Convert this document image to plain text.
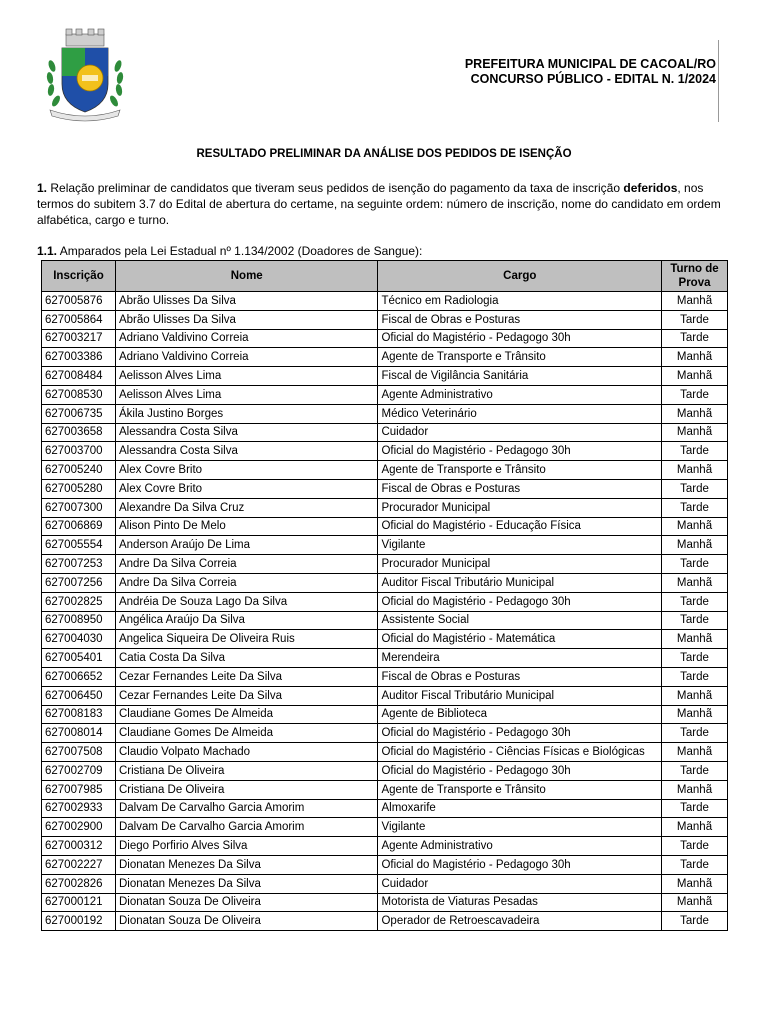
PREFEITURA MUNICIPAL DE CACOAL/RO
CONCURSO PÚBLICO - EDITAL N. 1/2024
RESULTADO PRELIMINAR DA ANÁLISE DOS PEDIDOS DE ISENÇÃO
1. Relação preliminar de candidatos que tiveram seus pedidos de isenção do pagamento da taxa de inscrição deferidos, nos termos do subitem 3.7 do Edital de abertura do certame, na seguinte ordem: número de inscrição, nome do candidato em ordem alfabética, cargo e turno.
1.1. Amparados pela Lei Estadual nº 1.134/2002 (Doadores de Sangue):
Inscrição	Nome	Cargo	Turno de Prova
627005876	Abrão Ulisses Da Silva	Técnico em Radiologia	Manhã
627005864	Abrão Ulisses Da Silva	Fiscal de Obras e Posturas	Tarde
627003217	Adriano Valdivino Correia	Oficial do Magistério - Pedagogo 30h	Tarde
627003386	Adriano Valdivino Correia	Agente de Transporte e Trânsito	Manhã
627008484	Aelisson Alves Lima	Fiscal de Vigilância Sanitária	Manhã
627008530	Aelisson Alves Lima	Agente Administrativo	Tarde
627006735	Ákila Justino Borges	Médico Veterinário	Manhã
627003658	Alessandra Costa Silva	Cuidador	Manhã
627003700	Alessandra Costa Silva	Oficial do Magistério - Pedagogo 30h	Tarde
627005240	Alex Covre Brito	Agente de Transporte e Trânsito	Manhã
627005280	Alex Covre Brito	Fiscal de Obras e Posturas	Tarde
627007300	Alexandre Da Silva Cruz	Procurador Municipal	Tarde
627006869	Alison Pinto De Melo	Oficial do Magistério - Educação Física	Manhã
627005554	Anderson Araújo De Lima	Vigilante	Manhã
627007253	Andre Da Silva Correia	Procurador Municipal	Tarde
627007256	Andre Da Silva Correia	Auditor Fiscal Tributário Municipal	Manhã
627002825	Andréia De Souza Lago Da Silva	Oficial do Magistério - Pedagogo 30h	Tarde
627008950	Angélica Araújo Da Silva	Assistente Social	Tarde
627004030	Angelica Siqueira De Oliveira Ruis	Oficial do Magistério - Matemática	Manhã
627005401	Catia Costa Da Silva	Merendeira	Tarde
627006652	Cezar Fernandes Leite Da Silva	Fiscal de Obras e Posturas	Tarde
627006450	Cezar Fernandes Leite Da Silva	Auditor Fiscal Tributário Municipal	Manhã
627008183	Claudiane Gomes De Almeida	Agente de Biblioteca	Manhã
627008014	Claudiane Gomes De Almeida	Oficial do Magistério - Pedagogo 30h	Tarde
627007508	Claudio Volpato Machado	Oficial do Magistério - Ciências Físicas e Biológicas	Manhã
627002709	Cristiana De Oliveira	Oficial do Magistério - Pedagogo 30h	Tarde
627007985	Cristiana De Oliveira	Agente de Transporte e Trânsito	Manhã
627002933	Dalvam De Carvalho Garcia Amorim	Almoxarife	Tarde
627002900	Dalvam De Carvalho Garcia Amorim	Vigilante	Manhã
627000312	Diego Porfirio Alves Silva	Agente Administrativo	Tarde
627002227	Dionatan Menezes Da Silva	Oficial do Magistério - Pedagogo 30h	Tarde
627002826	Dionatan Menezes Da Silva	Cuidador	Manhã
627000121	Dionatan Souza De Oliveira	Motorista de Viaturas Pesadas	Manhã
627000192	Dionatan Souza De Oliveira	Operador de Retroescavadeira	Tarde
